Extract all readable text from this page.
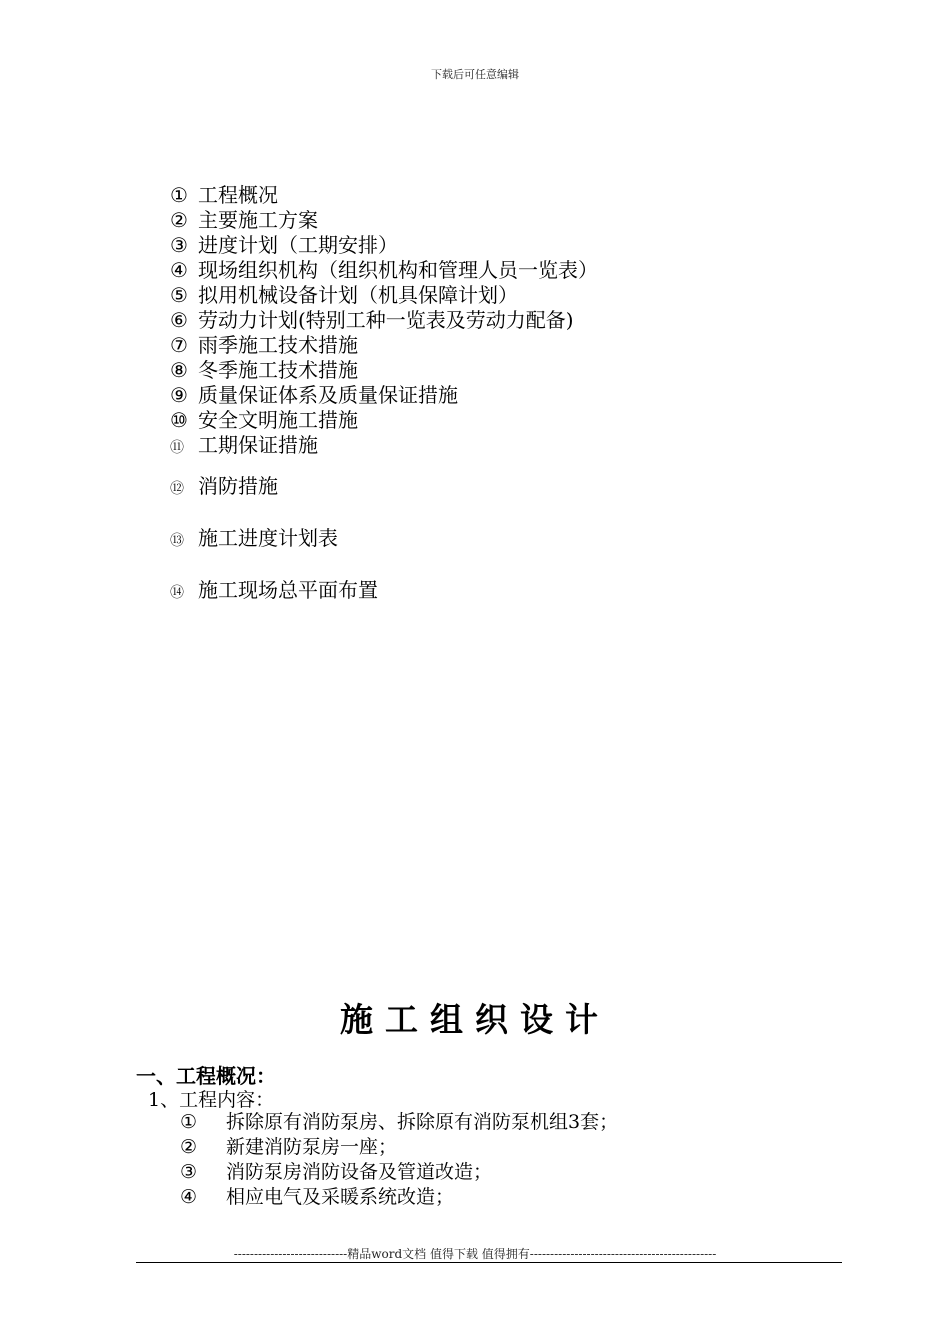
下载后可任意编辑
① 工程概况
② 主要施工方案
③ 进度计划（工期安排）
④ 现场组织机构（组织机构和管理人员一览表）
⑤ 拟用机械设备计划（机具保障计划）
⑥ 劳动力计划(特别工种一览表及劳动力配备)
⑦ 雨季施工技术措施
⑧ 冬季施工技术措施
⑨ 质量保证体系及质量保证措施
⑩ 安全文明施工措施
⑪ 工期保证措施
⑫ 消防措施
⑬ 施工进度计划表
⑭ 施工现场总平面布置
施工组织设计
一、工程概况：
1、工程内容：
① 拆除原有消防泵房、拆除原有消防泵机组3套；
② 新建消防泵房一座；
③ 消防泵房消防设备及管道改造；
④ 相应电气及采暖系统改造；
----------------------------精品word文档 值得下载 值得拥有----------------------------------------------
